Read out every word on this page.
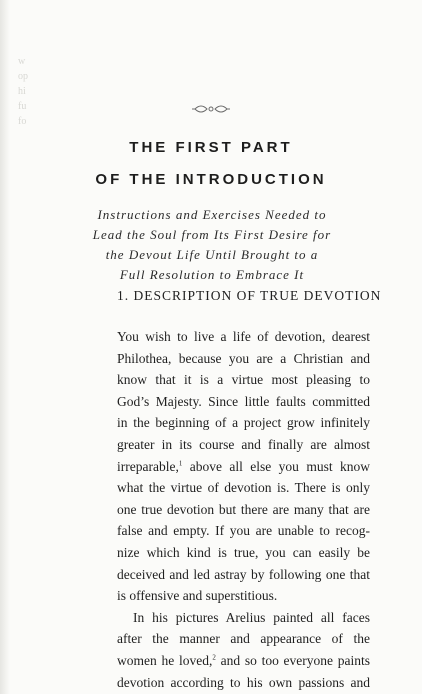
w
op
hi
fu
fo
THE FIRST PART
OF THE INTRODUCTION
Instructions and Exercises Needed to
Lead the Soul from Its First Desire for
the Devout Life Until Brought to a
Full Resolution to Embrace It
1. DESCRIPTION OF TRUE DEVOTION
You wish to live a life of devotion, dearest
Philothea, because you are a Christian and
know that it is a virtue most pleasing to
God’s Majesty. Since little faults committed
in the beginning of a project grow infinitely
greater in its course and finally are almost
irreparable,$^1$ above all else you must know
what the virtue of devotion is. There is only
one true devotion but there are many that are
false and empty. If you are unable to recog-
nize which kind is true, you can easily be
deceived and led astray by following one that
is offensive and superstitious.
In his pictures Arelius painted all faces
after the manner and appearance of the
women he loved,$^2$ and so too everyone paints
devotion according to his own passions and
